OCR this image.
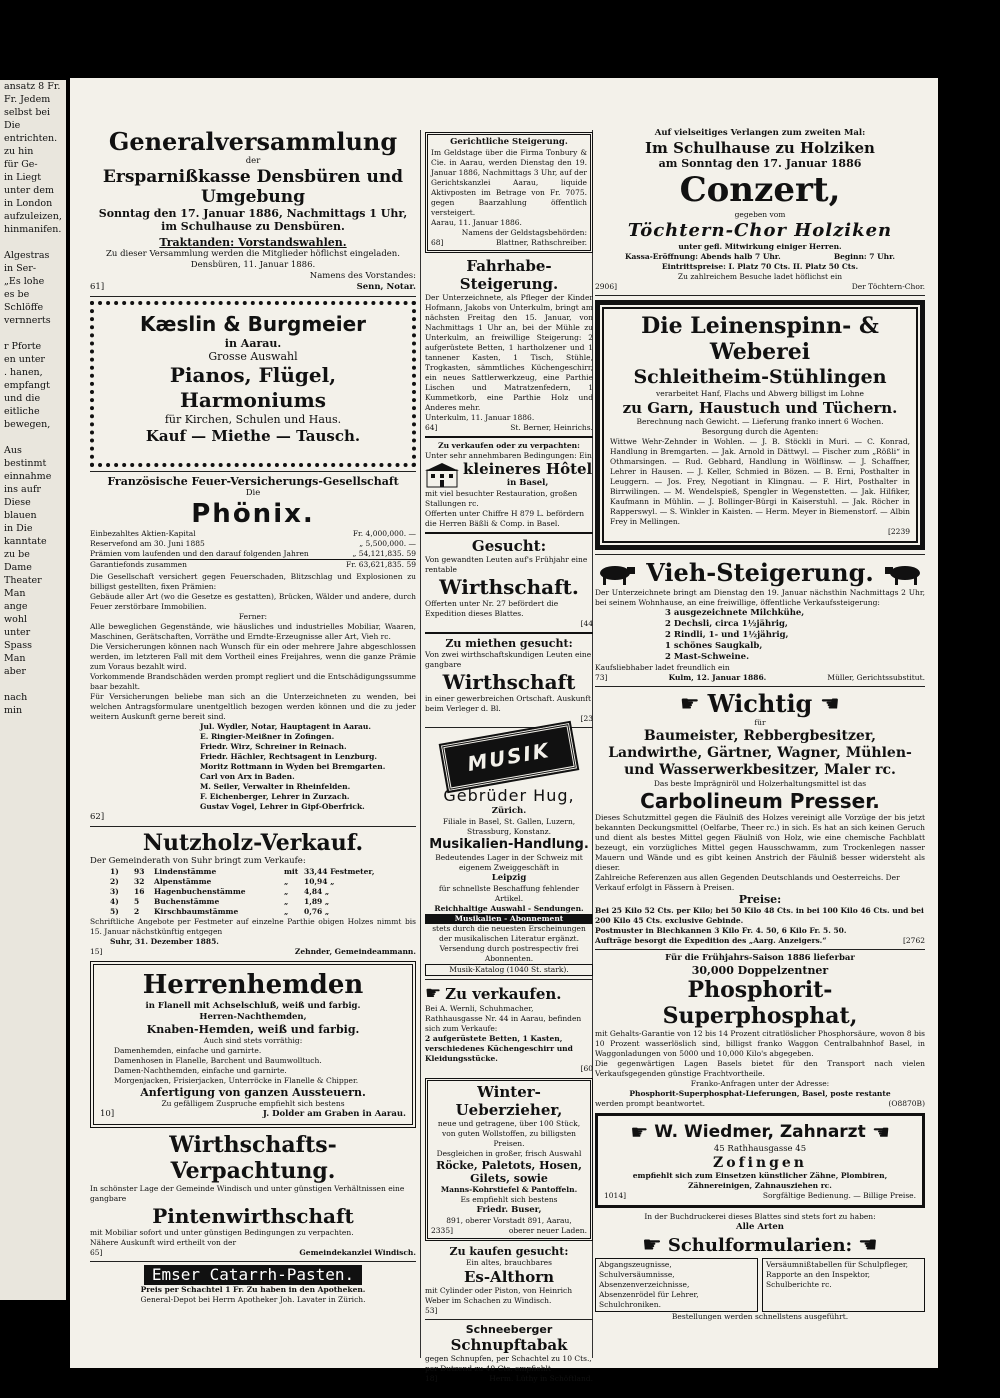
ansatz 8 Fr.
Fr. Jedem
selbst bei
Die
entrichten.
zu hin
für Ge-
in Liegt
unter dem
in London
aufzuleizen,
hinmanifen.

Algestras
in Ser-
„Es lohe
es be
Schlöffe
vernnerts

r Pforte
en unter
. hanen,
empfangt
und die
eitliche
bewegen,

Aus
bestinmt
einnahme
ins aufr
Diese
blauen
in Die
kanntate
zu be
Dame
Theater
Man
ange
wohl
unter
Spass
Man
aber

nach
min

Generalversammlung
der
Ersparnißkasse Densbüren und Umgebung
Sonntag den 17. Januar 1886, Nachmittags 1 Uhr,
im Schulhause zu Densbüren.
Traktanden: Vorstandswahlen.
Zu dieser Versammlung werden die Mitglieder höflichst eingeladen.
Densbüren, 11. Januar 1886.
Namens des Vorstandes:
61]	Senn, Notar.
Kæslin & Burgmeier
in Aarau.
Grosse Auswahl
Pianos, Flügel, Harmoniums
für Kirchen, Schulen und Haus.
Kauf — Miethe — Tausch.
Französische Feuer-Versicherungs-Gesellschaft
Die
Phönix.
Einbezahltes Aktien-Kapital	Fr. 4,000,000. —
Reservefond am 30. Juni 1885	„ 5,500,000. —
Prämien vom laufenden und den darauf folgenden Jahren	„ 54,121,835. 59
Garantiefonds zusammen	Fr. 63,621,835. 59
Die Gesellschaft versichert gegen Feuerschaden, Blitzschlag und Explosionen zu billigst gestellten, fixen Prämien:
Gebäude aller Art (wo die Gesetze es gestatten), Brücken, Wälder und andere, durch Feuer zerstörbare Immobilien.
Ferner:
Alle beweglichen Gegenstände, wie häusliches und industrielles Mobiliar, Waaren, Maschinen, Gerätschaften, Vorräthe und Erndte-Erzeugnisse aller Art, Vieh rc.
Die Versicherungen können nach Wunsch für ein oder mehrere Jahre abgeschlossen werden, im letzteren Fall mit dem Vortheil eines Freijahres, wenn die ganze Prämie zum Voraus bezahlt wird.
Vorkommende Brandschäden werden prompt regliert und die Entschädigungssumme baar bezahlt.
Für Versicherungen beliebe man sich an die Unterzeichneten zu wenden, bei welchen Antragsformulare unentgeltlich bezogen werden können und die zu jeder weitern Auskunft gerne bereit sind.
Jul. Wydler, Notar, Hauptagent in Aarau.
E. Ringier-Meißner in Zofingen.
Friedr. Wirz, Schreiner in Reinach.
Friedr. Hächler, Rechtsagent in Lenzburg.
Moritz Rottmann in Wyden bei Bremgarten.
Carl von Arx in Baden.
M. Seiler, Verwalter in Rheinfelden.
F. Eichenberger, Lehrer in Zurzach.
Gustav Vogel, Lehrer in Gipf-Oberfrick.
62]
Nutzholz-Verkauf.
Der Gemeinderath von Suhr bringt zum Verkaufe:
1)	93	Lindenstämme	mit 33,44 Festmeter,
2)	32	Alpenstämme	„	10,94 „
3)	16	Hagenbuchenstämme	„	4,84 „
4)	5	Buchenstämme	„	1,89 „
5)	2	Kirschbaumstämme	„	0,76 „
Schriftliche Angebote per Festmeter auf einzelne Parthie obigen Holzes nimmt bis 15. Januar nächstkünftig entgegen
Suhr, 31. Dezember 1885.
15]	Zehnder, Gemeindeammann.
Herrenhemden
in Flanell mit Achselschluß, weiß und farbig.
Herren-Nachthemden,
Knaben-Hemden, weiß und farbig.
Auch sind stets vorräthig:
Damenhemden, einfache und garnirte.
Damenhosen in Flanelle, Barchent und Baumwolltuch.
Damen-Nachthemden, einfache und garnirte.
Morgenjacken, Frisierjacken, Unterröcke in Flanelle & Chipper.
Anfertigung von ganzen Aussteuern.
Zu gefälligem Zuspruche empfiehlt sich bestens
10]	J. Dolder am Graben in Aarau.
Wirthschafts-Verpachtung.
In schönster Lage der Gemeinde Windisch und unter günstigen Verhältnissen eine gangbare
Pintenwirthschaft
mit Mobiliar sofort und unter günstigen Bedingungen zu verpachten.
Nähere Auskunft wird ertheilt von der
65]	Gemeindekanzlei Windisch.
Emser Catarrh-Pasten.
Preis per Schachtel 1 Fr. Zu haben in den Apotheken.
General-Depot bei Herrn Apotheker Joh. Lavater in Zürich.
Gerichtliche Steigerung.
Im Geldstage über die Firma Tonbury & Cie. in Aarau, werden Dienstag den 19. Januar 1886, Nachmittags 3 Uhr, auf der Gerichtskanzlei Aarau, liquide Aktivposten im Betrage von Fr. 7075. gegen Baarzahlung öffentlich versteigert.
Aarau, 11. Januar 1886.
Namens der Geldstagsbehörden:
68]	Blattner, Rathschreiber.
Fahrhabe-Steigerung.
Der Unterzeichnete, als Pfleger der Kinder Hofmann, Jakobs von Unterkulm, bringt am nächsten Freitag den 15. Januar, von Nachmittags 1 Uhr an, bei der Mühle zu Unterkulm, an freiwillige Steigerung: 2 aufgerüstete Betten, 1 hartholzener und 1 tannener Kasten, 1 Tisch, Stühle, Trogkasten, sämmtliches Küchengeschirr, ein neues Sattlerwerkzeug, eine Parthie Lischen und Matratzenfedern, 1 Kummetkorb, eine Parthie Holz und Anderes mehr.
Unterkulm, 11. Januar 1886.
64]	St. Berner, Heinrichs.
Zu verkaufen oder zu verpachten:
Unter sehr annehmbaren Bedingungen: Ein
kleineres Hôtel
in Basel,
mit viel besuchter Restauration, großen Stallungen rc.
Offerten unter Chiffre H 879 L. befördern die Herren Bäßli & Comp. in Basel.
Gesucht:
Von gewandten Leuten auf's Frühjahr eine rentable
Wirthschaft.
Offerten unter Nr. 27 befördert die Expedition dieses Blattes.
[44
Zu miethen gesucht:
Von zwei wirthschaftskundigen Leuten eine gangbare
Wirthschaft
in einer gewerbreichen Ortschaft. Auskunft beim Verleger d. Bl.
[23
MUSIK
Gebrüder Hug,
Zürich.
Filiale in Basel, St. Gallen, Luzern, Strassburg, Konstanz.
Musikalien-Handlung.
Bedeutendes Lager in der Schweiz mit eigenem Zweiggeschäft in
Leipzig
für schnellste Beschaffung fehlender Artikel.
Reichhaltige Auswahl - Sendungen.
Musikalien - Abonnement
stets durch die neuesten Erscheinungen der musikalischen Literatur ergänzt.
Versendung durch postrespectiv frei Abonnenten.
Musik-Katalog (1040 St. stark).
☛ Zu verkaufen.
Bei A. Wernli, Schuhmacher, Rathhausgasse Nr. 44 in Aarau, befinden sich zum Verkaufe:
2 aufgerüstete Betten, 1 Kasten, verschiedenes Küchengeschirr und Kleidungsstücke.
[60
Winter-Ueberzieher,
neue und getragene, über 100 Stück, von guten Wollstoffen, zu billigsten Preisen.
Desgleichen in großer, frisch Auswahl
Röcke, Paletots, Hosen, Gilets, sowie
Manns-Kohrstiefel & Pantoffeln.
Es empfiehlt sich bestens
Friedr. Buser,
891, oberer Vorstadt 891, Aarau,
2335]	oberer neuer Laden.
Zu kaufen gesucht:
Ein altes, brauchbares
Es-Althorn
mit Cylinder oder Piston, von Heinrich Weber im Schachen zu Windisch.
53]
Schneeberger
Schnupftabak
gegen Schnupfen, per Schachtel zu 10 Cts., per Dutzend zu 40 Cts. empfiehlt
18]	Herm. Lüthy in Schöftland.
Auf vielseitiges Verlangen zum zweiten Mal:
Im Schulhause zu Holziken
am Sonntag den 17. Januar 1886
Conzert,
gegeben vom
Töchtern-Chor Holziken
unter gefl. Mitwirkung einiger Herren.
Kassa-Eröffnung: Abends halb 7 Uhr.	Beginn: 7 Uhr.
Eintrittspreise: I. Platz 70 Cts. II. Platz 50 Cts.
Zu zahlreichem Besuche ladet höflichst ein
2906]	Der Töchtern-Chor.
Die Leinenspinn- & Weberei
Schleitheim-Stühlingen
verarbeitet Hanf, Flachs und Abwerg billigst im Lohne
zu Garn, Haustuch und Tüchern.
Berechnung nach Gewicht. — Lieferung franko innert 6 Wochen.
Besorgung durch die Agenten:
Wittwe Wehr-Zehnder in Wohlen. — J. B. Stöckli in Muri. — C. Konrad, Handlung in Bremgarten. — Jak. Arnold in Dättwyl. — Fischer zum „Rößli“ in Othmarsingen. — Rud. Gebhard, Handlung in Wölflinsw. — J. Schaffner, Lehrer in Hausen. — J. Keller, Schmied in Bözen. — B. Erni, Posthalter in Leuggern. — Jos. Frey, Negotiant in Klingnau. — F. Hirt, Posthalter in Birrwilingen. — M. Wendelspieß, Spengler in Wegenstetten. — Jak. Hilfiker, Kaufmann in Mühlin. — J. Bollinger-Bürgi in Kaiserstuhl. — Jak. Röcher in Rapperswyl. — S. Winkler in Kaisten. — Herm. Meyer in Biemenstorf. — Albin Frey in Mellingen.
[2239
Vieh-Steigerung.
Der Unterzeichnete bringt am Dienstag den 19. Januar nächsthin Nachmittags 2 Uhr, bei seinem Wohnhause, an eine freiwillige, öffentliche Verkaufssteigerung:
3 ausgezeichnete Milchkühe,
2 Dechsli, circa 1½jährig,
2 Rindli, 1- und 1½jährig,
1 schönes Saugkalb,
2 Mast-Schweine.
Kaufsliebhaber ladet freundlich ein
73]	Kulm, 12. Januar 1886.	Müller, Gerichtssubstitut.
☛ Wichtig ☛
für
Baumeister, Rebbergbesitzer, Landwirthe, Gärtner, Wagner, Mühlen- und Wasserwerkbesitzer, Maler rc.
Das beste Imprägniröl und Holzerhaltungsmittel ist das
Carbolineum Presser.
Dieses Schutzmittel gegen die Fäulniß des Holzes vereinigt alle Vorzüge der bis jetzt bekannten Deckungsmittel (Oelfarbe, Theer rc.) in sich. Es hat an sich keinen Geruch und dient als bestes Mittel gegen Fäulniß von Holz, wie eine chemische Fachblatt bezeugt, ein vorzügliches Mittel gegen Hausschwamm, zum Trockenlegen nasser Mauern und Wände und es gibt keinen Anstrich der Fäulniß besser widersteht als dieser.
Zahlreiche Referenzen aus allen Gegenden Deutschlands und Oesterreichs. Der Verkauf erfolgt in Fässern à Preisen.
Preise:
Bei 25 Kilo 52 Cts. per Kilo; bei 50 Kilo 48 Cts. in bei 100 Kilo 46 Cts. und bei 200 Kilo 45 Cts. exclusive Gebinde.
Postmuster in Blechkannen 3 Kilo Fr. 4. 50, 6 Kilo Fr. 5. 50.
Aufträge besorgt die Expedition des „Aarg. Anzeigers.“	[2762
Für die Frühjahrs-Saison 1886 lieferbar
30,000 Doppelzentner
Phosphorit-Superphosphat,
mit Gehalts-Garantie von 12 bis 14 Prozent citratlöslicher Phosphorsäure, wovon 8 bis 10 Prozent wasserlöslich sind, billigst franko Waggon Centralbahnhof Basel, in Waggonladungen von 5000 und 10,000 Kilo's abgegeben.
Die gegenwärtigen Lagen Basels bietet für den Transport nach vielen Verkaufsgegenden günstige Frachtvortheile.
Franko-Anfragen unter der Adresse:
Phosphorit-Superphosphat-Lieferungen, Basel, poste restante
werden prompt beantwortet.	(O8870B)
☛ W. Wiedmer, Zahnarzt ☛
45 Rathhausgasse 45
Zofingen
empfiehlt sich zum Einsetzen künstlicher Zähne, Plombiren, Zähnereinigen, Zahnausziehen rc.
1014]	Sorgfältige Bedienung. — Billige Preise.
In der Buchdruckerei dieses Blattes sind stets fort zu haben:
Alle Arten
☛ Schulformularien: ☛
Abgangszeugnisse,
Schulversäumnisse,
Absenzenverzeichnisse,
Absenzenrödel für Lehrer,
Schulchroniken.
Versäumnißtabellen für Schulpfleger,
Rapporte an den Inspektor,
Schulberichte rc.
Bestellungen werden schnellstens ausgeführt.
